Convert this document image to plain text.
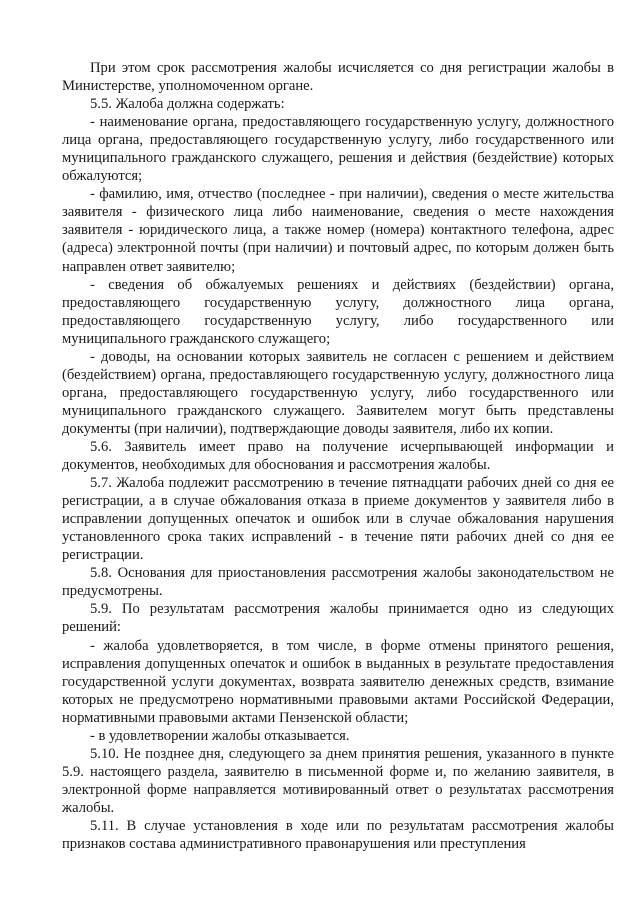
При этом срок рассмотрения жалобы исчисляется со дня регистрации жалобы в Министерстве, уполномоченном органе.

5.5. Жалоба должна содержать:

- наименование органа, предоставляющего государственную услугу, должностного лица органа, предоставляющего государственную услугу, либо государственного или муниципального гражданского служащего, решения и действия (бездействие) которых обжалуются;

- фамилию, имя, отчество (последнее - при наличии), сведения о месте жительства заявителя - физического лица либо наименование, сведения о месте нахождения заявителя - юридического лица, а также номер (номера) контактного телефона, адрес (адреса) электронной почты (при наличии) и почтовый адрес, по которым должен быть направлен ответ заявителю;

- сведения об обжалуемых решениях и действиях (бездействии) органа, предоставляющего государственную услугу, должностного лица органа, предоставляющего государственную услугу, либо государственного или муниципального гражданского служащего;

- доводы, на основании которых заявитель не согласен с решением и действием (бездействием) органа, предоставляющего государственную услугу, должностного лица органа, предоставляющего государственную услугу, либо государственного или муниципального гражданского служащего. Заявителем могут быть представлены документы (при наличии), подтверждающие доводы заявителя, либо их копии.

5.6. Заявитель имеет право на получение исчерпывающей информации и документов, необходимых для обоснования и рассмотрения жалобы.

5.7. Жалоба подлежит рассмотрению в течение пятнадцати рабочих дней со дня ее регистрации, а в случае обжалования отказа в приеме документов у заявителя либо в исправлении допущенных опечаток и ошибок или в случае обжалования нарушения установленного срока таких исправлений - в течение пяти рабочих дней со дня ее регистрации.

5.8. Основания для приостановления рассмотрения жалобы законодательством не предусмотрены.

5.9. По результатам рассмотрения жалобы принимается одно из следующих решений:

- жалоба удовлетворяется, в том числе, в форме отмены принятого решения, исправления допущенных опечаток и ошибок в выданных в результате предоставления государственной услуги документах, возврата заявителю денежных средств, взимание которых не предусмотрено нормативными правовыми актами Российской Федерации, нормативными правовыми актами Пензенской области;

- в удовлетворении жалобы отказывается.

5.10. Не позднее дня, следующего за днем принятия решения, указанного в пункте 5.9. настоящего раздела, заявителю в письменной форме и, по желанию заявителя, в электронной форме направляется мотивированный ответ о результатах рассмотрения жалобы.

5.11. В случае установления в ходе или по результатам рассмотрения жалобы признаков состава административного правонарушения или преступления
